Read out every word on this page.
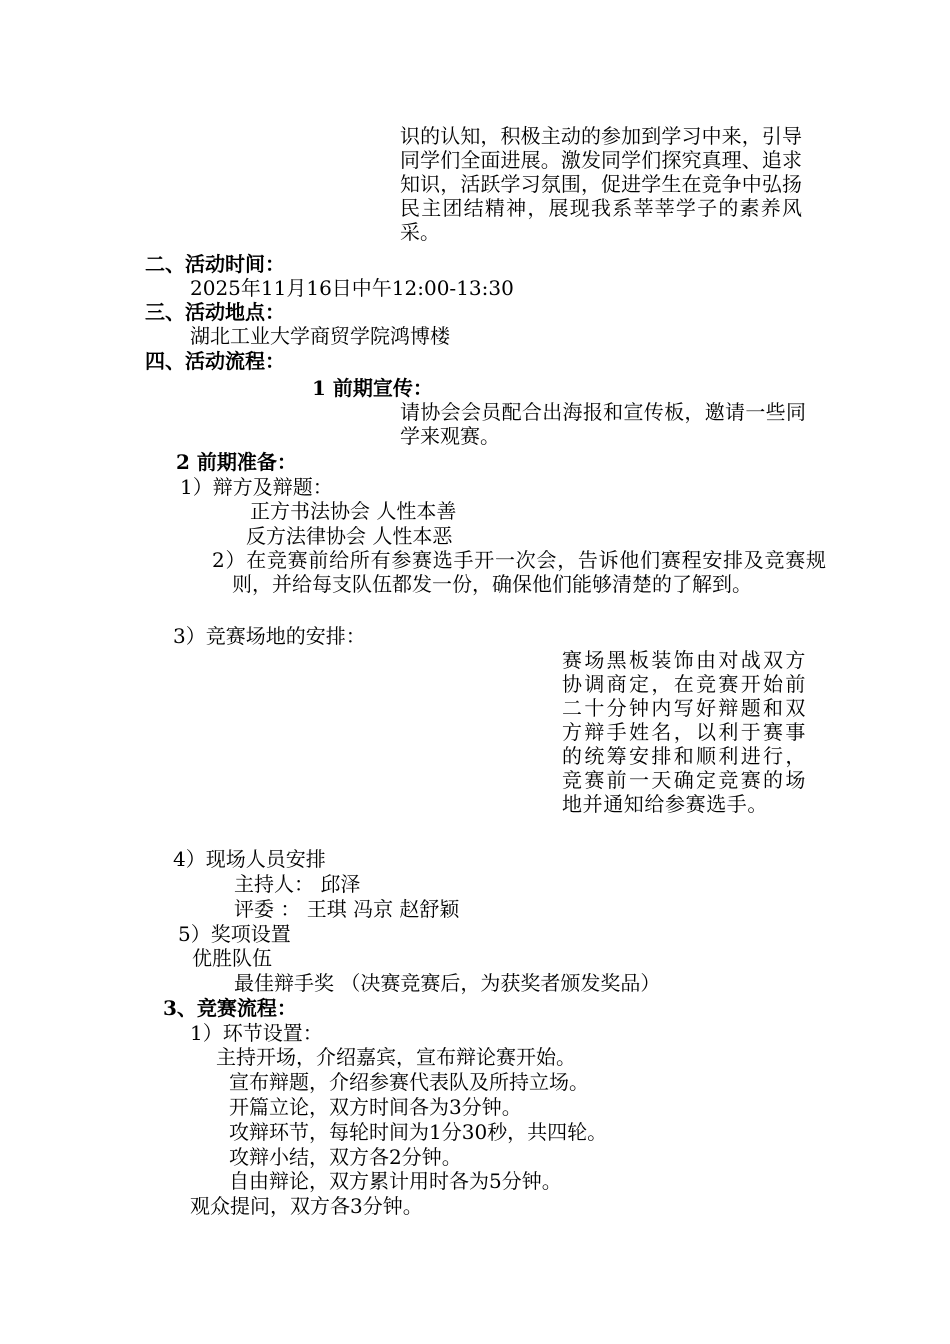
识的认知，积极主动的参加到学习中来，引导同学们全面进展。激发同学们探究真理、追求知识，活跃学习氛围，促进学生在竞争中弘扬民主团结精神，展现我系莘莘学子的素养风采。
二、活动时间：
2025年11月16日中午12:00-13:30
三、活动地点：
湖北工业大学商贸学院鸿博楼
四、活动流程：
1 前期宣传：
请协会会员配合出海报和宣传板，邀请一些同学来观赛。
2 前期准备：
1）辩方及辩题：
正方书法协会 人性本善
反方法律协会 人性本恶
2）在竞赛前给所有参赛选手开一次会，告诉他们赛程安排及竞赛规则，并给每支队伍都发一份，确保他们能够清楚的了解到。
3）竞赛场地的安排：
赛场黑板装饰由对战双方协调商定，在竞赛开始前二十分钟内写好辩题和双方辩手姓名，以利于赛事的统筹安排和顺利进行，竞赛前一天确定竞赛的场地并通知给参赛选手。
4）现场人员安排
主持人： 邱泽
评委 ： 王琪 冯京 赵舒颖
5）奖项设置
优胜队伍
最佳辩手奖 （决赛竞赛后，为获奖者颁发奖品）
3、竞赛流程：
1）环节设置：
主持开场，介绍嘉宾，宣布辩论赛开始。
宣布辩题，介绍参赛代表队及所持立场。
开篇立论，双方时间各为3分钟。
攻辩环节，每轮时间为1分30秒，共四轮。
攻辩小结，双方各2分钟。
自由辩论，双方累计用时各为5分钟。
观众提问，双方各3分钟。
